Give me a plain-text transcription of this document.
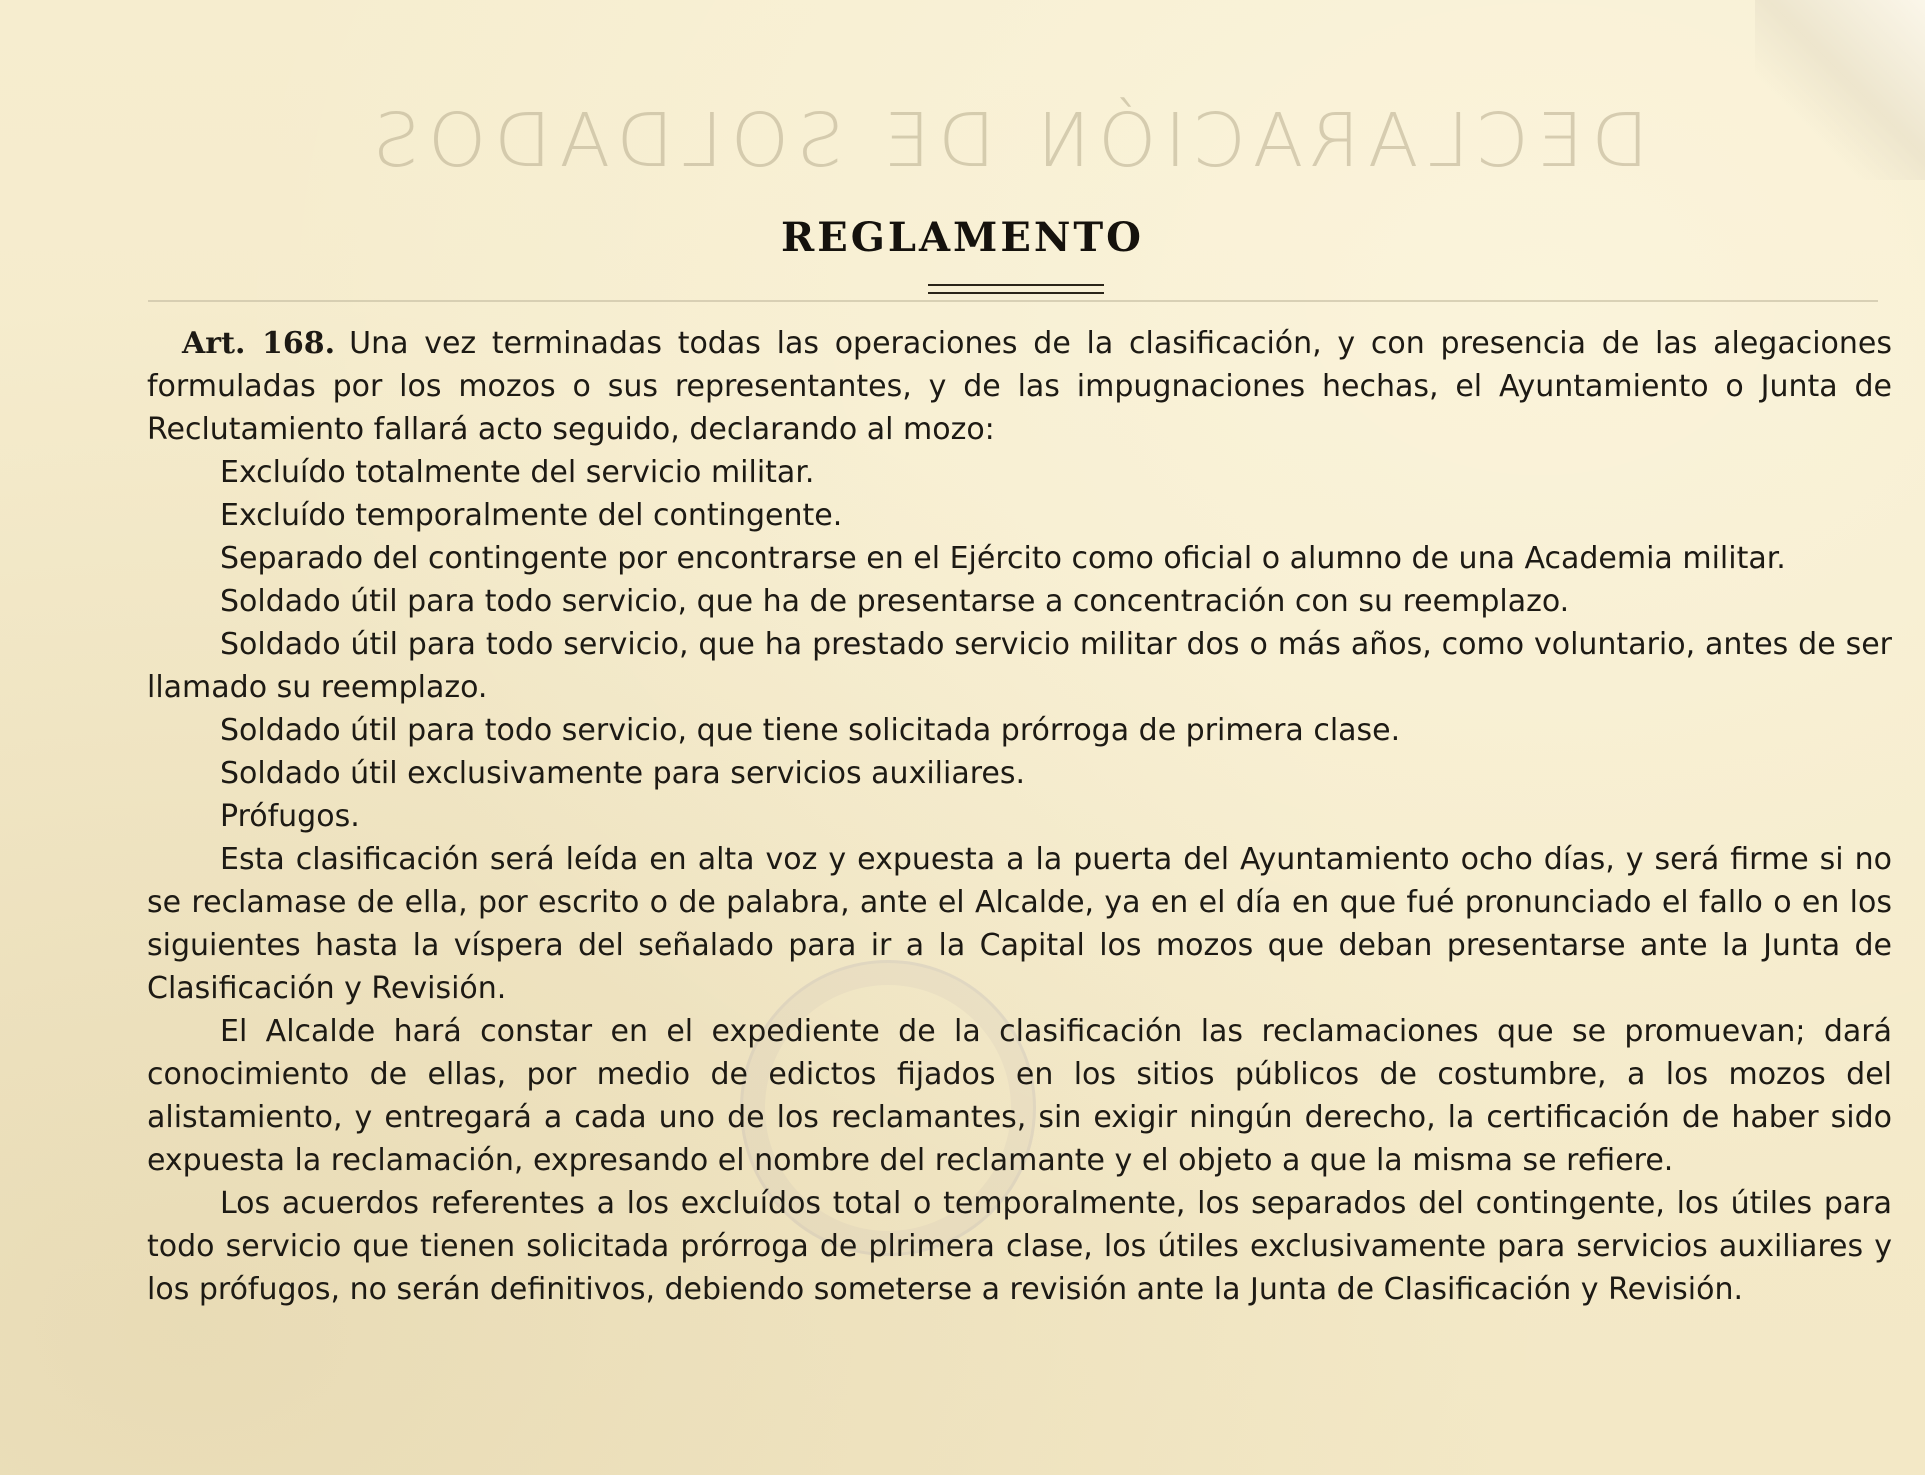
DECLARACIÓN DE SOLDADOS
REGLAMENTO

Art. 168. Una vez terminadas todas las operaciones de la clasificación, y con presencia de las alegaciones formuladas por los mozos o sus representantes, y de las impugnaciones hechas, el Ayuntamiento o Junta de Reclutamiento fallará acto seguido, declarando al mozo:

Excluído totalmente del servicio militar.

Excluído temporalmente del contingente.

Separado del contingente por encontrarse en el Ejército como oficial o alumno de una Academia militar.

Soldado útil para todo servicio, que ha de presentarse a concentración con su reemplazo.

Soldado útil para todo servicio, que ha prestado servicio militar dos o más años, como voluntario, antes de ser llamado su reemplazo.

Soldado útil para todo servicio, que tiene solicitada prórroga de primera clase.

Soldado útil exclusivamente para servicios auxiliares.

Prófugos.

Esta clasificación será leída en alta voz y expuesta a la puerta del Ayuntamiento ocho días, y será firme si no se reclamase de ella, por escrito o de palabra, ante el Alcalde, ya en el día en que fué pronunciado el fallo o en los siguientes hasta la víspera del señalado para ir a la Capital los mozos que deban presentarse ante la Junta de Clasificación y Revisión.

El Alcalde hará constar en el expediente de la clasificación las reclamaciones que se promuevan; dará conocimiento de ellas, por medio de edictos fijados en los sitios públicos de costumbre, a los mozos del alistamiento, y entregará a cada uno de los reclamantes, sin exigir ningún derecho, la certificación de haber sido expuesta la reclamación, expresando el nombre del reclamante y el objeto a que la misma se refiere.

Los acuerdos referentes a los excluídos total o temporalmente, los separados del contingente, los útiles para todo servicio que tienen solicitada prórroga de plrimera clase, los útiles exclusivamente para servicios auxiliares y los prófugos, no serán definitivos, debiendo someterse a revisión ante la Junta de Clasificación y Revisión.
